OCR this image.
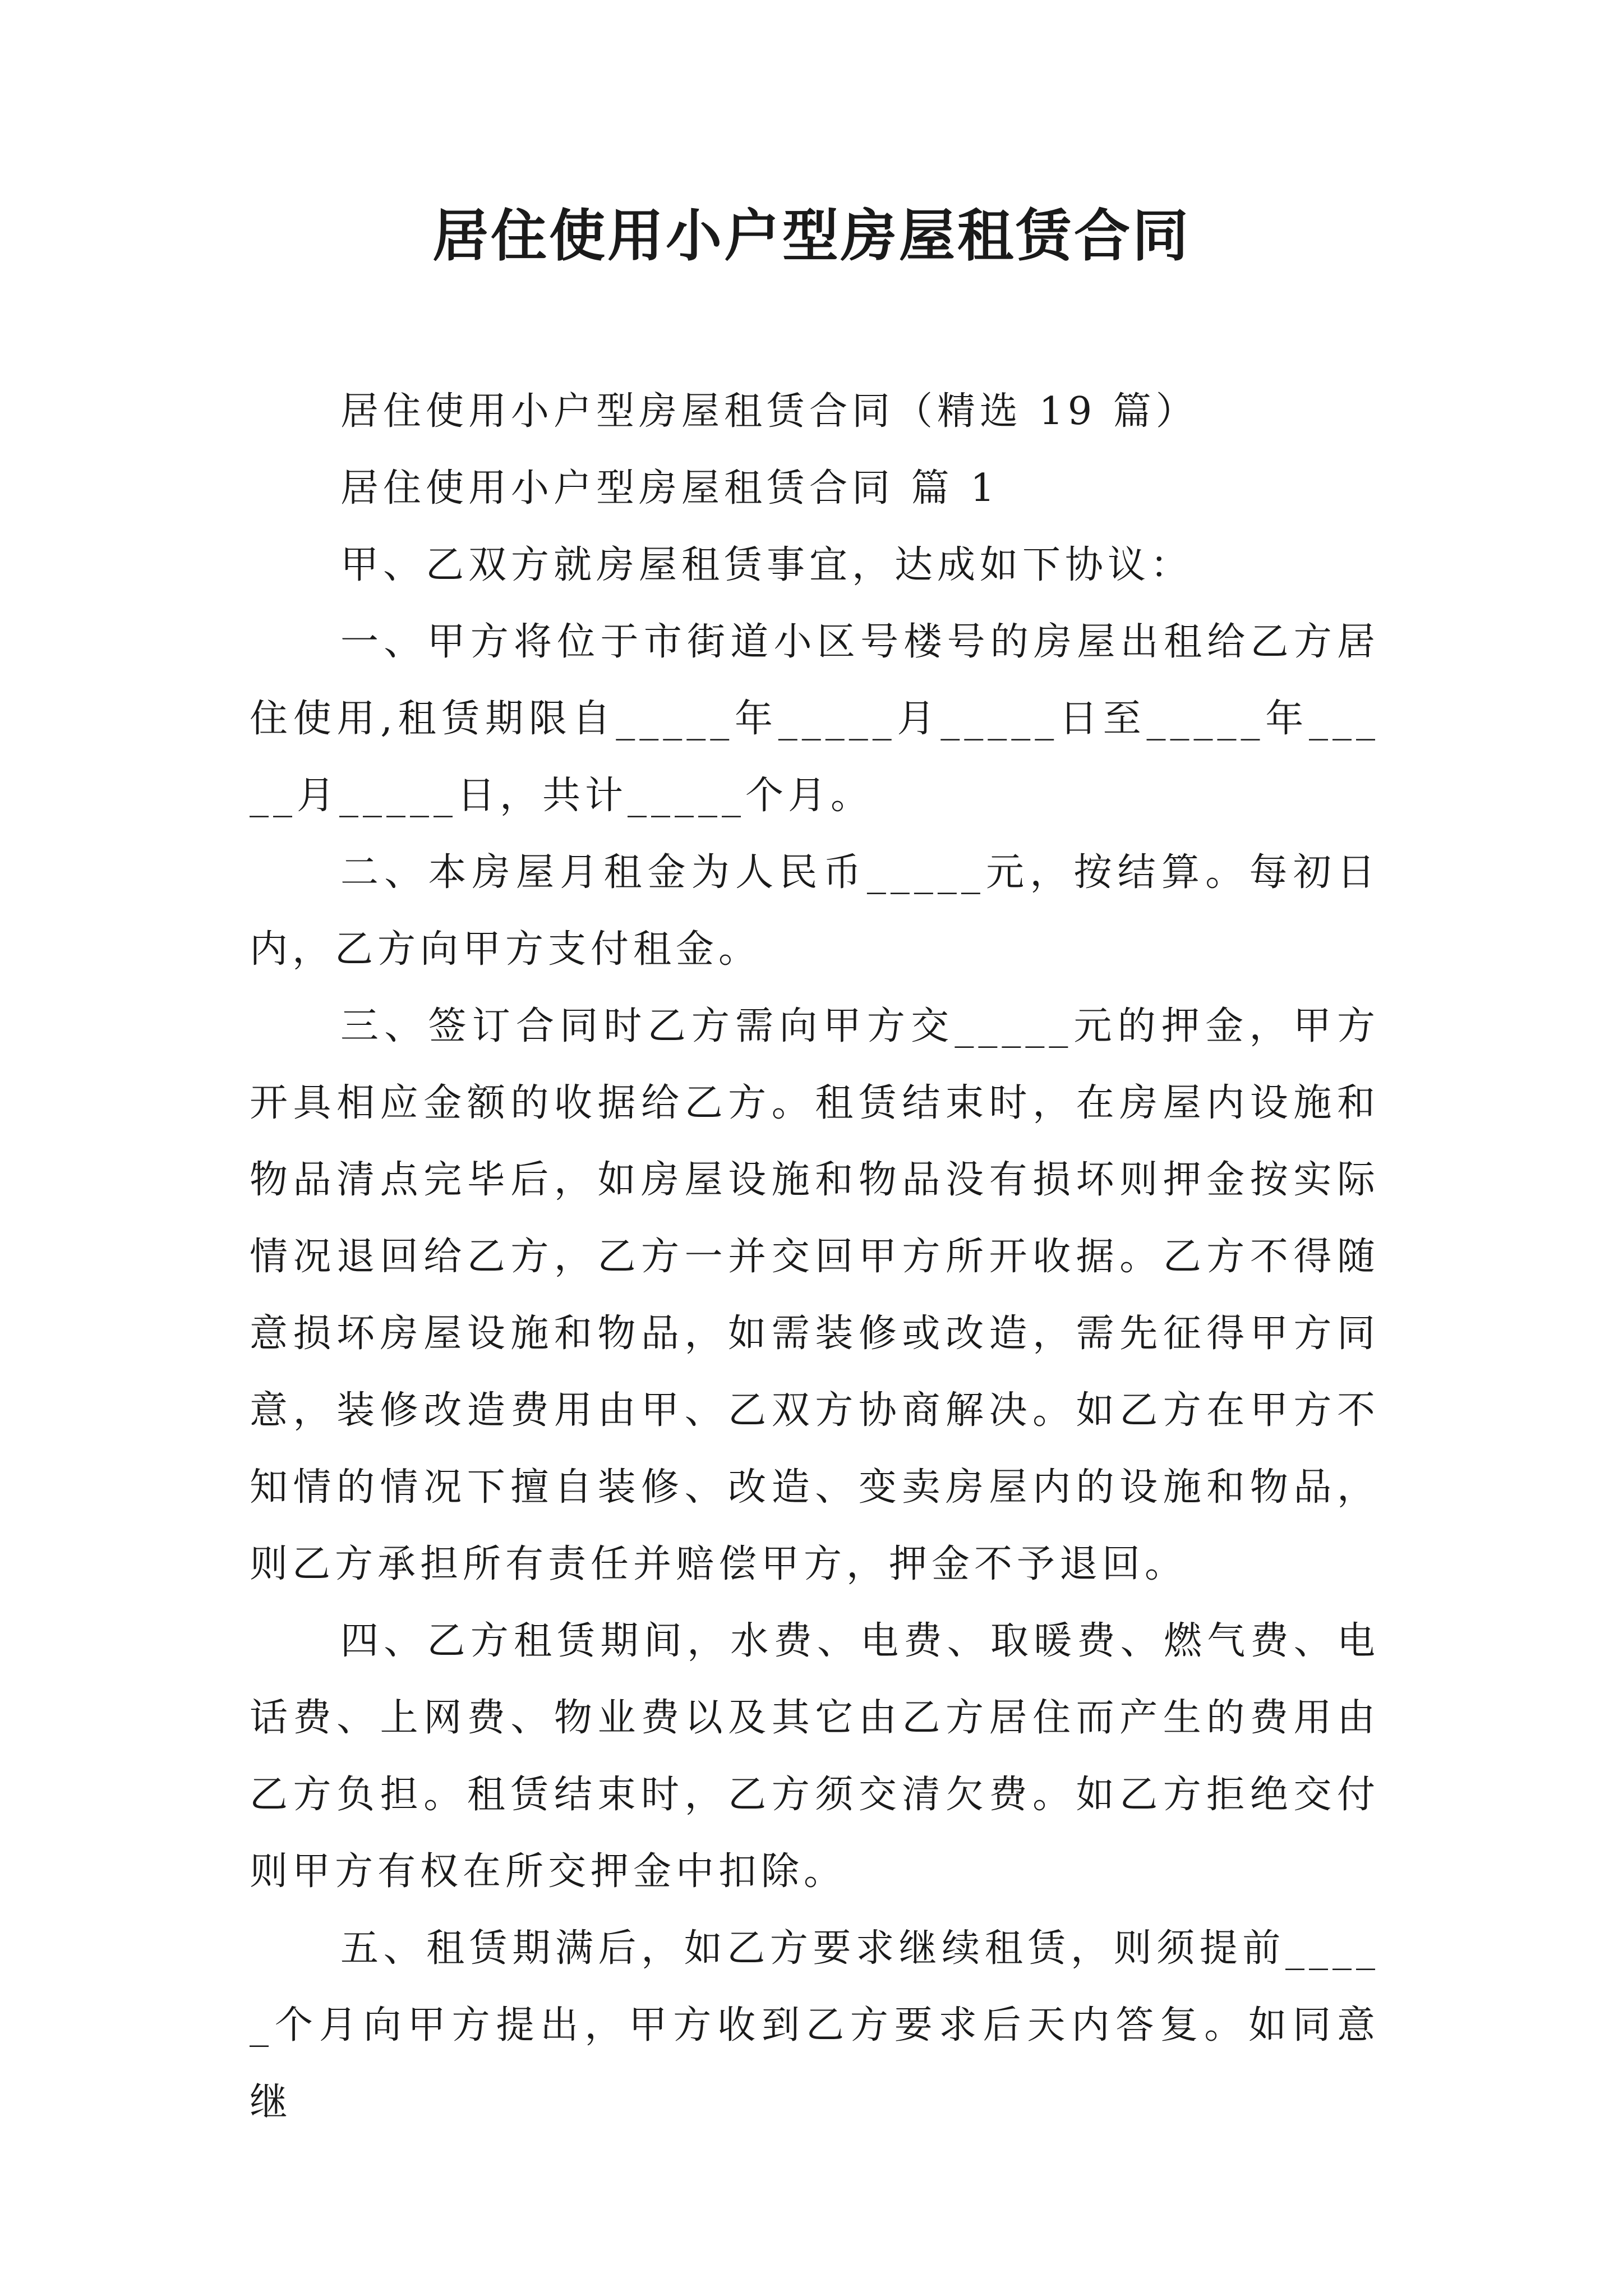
居住使用小户型房屋租赁合同

居住使用小户型房屋租赁合同（精选 19 篇）

居住使用小户型房屋租赁合同 篇 1

甲、乙双方就房屋租赁事宜，达成如下协议：

一、甲方将位于市街道小区号楼号的房屋出租给乙方居住使用,租赁期限自_____年_____月_____日至_____年_____月_____日，共计_____个月。

二、本房屋月租金为人民币_____元，按结算。每初日内，乙方向甲方支付租金。

三、签订合同时乙方需向甲方交_____元的押金，甲方开具相应金额的收据给乙方。租赁结束时，在房屋内设施和物品清点完毕后，如房屋设施和物品没有损坏则押金按实际情况退回给乙方，乙方一并交回甲方所开收据。乙方不得随意损坏房屋设施和物品，如需装修或改造，需先征得甲方同意，装修改造费用由甲、乙双方协商解决。如乙方在甲方不知情的情况下擅自装修、改造、变卖房屋内的设施和物品，则乙方承担所有责任并赔偿甲方，押金不予退回。

四、乙方租赁期间，水费、电费、取暖费、燃气费、电话费、上网费、物业费以及其它由乙方居住而产生的费用由乙方负担。租赁结束时，乙方须交清欠费。如乙方拒绝交付则甲方有权在所交押金中扣除。

五、租赁期满后，如乙方要求继续租赁，则须提前_____个月向甲方提出，甲方收到乙方要求后天内答复。如同意继
